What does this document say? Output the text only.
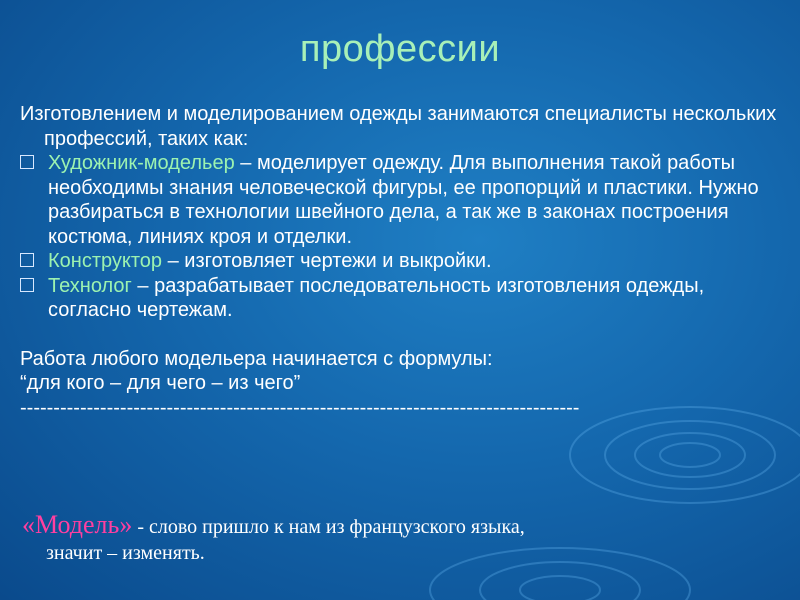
профессии

Изготовлением и моделированием одежды занимаются специалисты нескольких профессий, таких как:

Художник-модельер – моделирует одежду. Для выполнения такой работы необходимы знания человеческой фигуры, ее пропорций и пластики. Нужно разбираться в технологии швейного дела, а так же в законах построения костюма, линиях кроя и отделки.

Конструктор – изготовляет чертежи и выкройки.

Технолог – разрабатывает последовательность изготовления одежды, согласно чертежам.

Работа любого модельера начинается с формулы:

“для кого – для чего – из чего”

------------------------------------------------------------------------------------

«Модель» - слово пришло к нам из французского языка,
значит – изменять.
